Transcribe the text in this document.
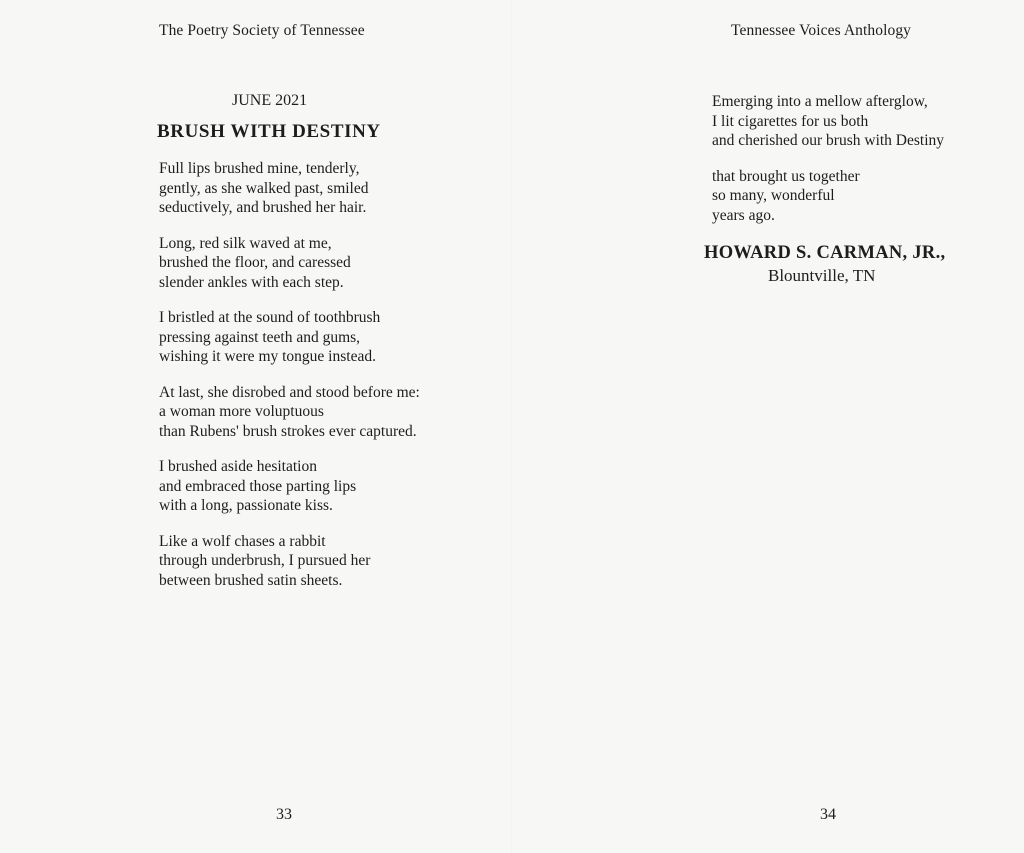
The Poetry Society of Tennessee
JUNE 2021
BRUSH WITH DESTINY
Full lips brushed mine, tenderly,
gently, as she walked past, smiled
seductively, and brushed her hair.
Long, red silk waved at me,
brushed the floor, and caressed
slender ankles with each step.
I bristled at the sound of toothbrush
pressing against teeth and gums,
wishing it were my tongue instead.
At last, she disrobed and stood before me:
a woman more voluptuous
than Rubens' brush strokes ever captured.
I brushed aside hesitation
and embraced those parting lips
with a long, passionate kiss.
Like a wolf chases a rabbit
through underbrush, I pursued her
between brushed satin sheets.
33
Tennessee Voices Anthology
Emerging into a mellow afterglow,
I lit cigarettes for us both
and cherished our brush with Destiny
that brought us together
so many, wonderful
years ago.
HOWARD S. CARMAN, JR.,
Blountville, TN
34
